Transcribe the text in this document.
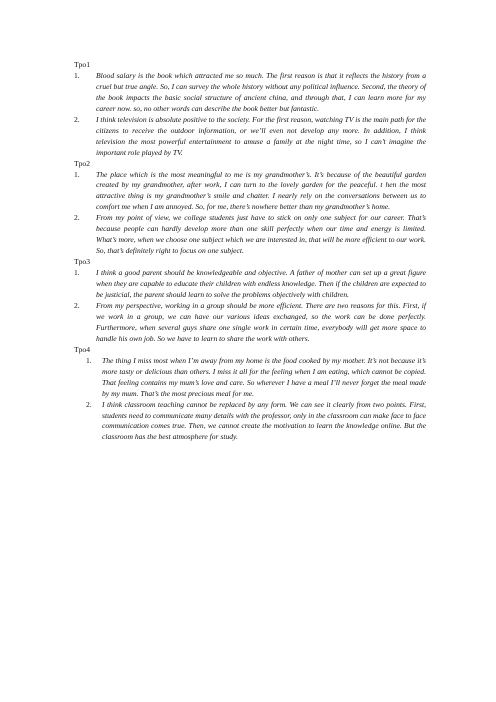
Tpo1
1. Blood salary is the book which attracted me so much. The first reason is that it reflects the history from a cruel but true angle. So, I can survey the whole history without any political influence. Second, the theory of the book impacts the basic social structure of ancient china, and through that, I can learn more for my career now. so, no other words can describe the book better but fantastic.
2. I think television is absolute positive to the society. For the first reason, watching TV is the main path for the citizens to receive the outdoor information, or we’ll even not develop any more. In addition, I think television the most powerful entertainment to amuse a family at the night time, so I can’t imagine the important role played by TV.
Tpo2
1. The place which is the most meaningful to me is my grandmother’s. It’s because of the beautiful garden created by my grandmother, after work, I can turn to the lovely garden for the peaceful. t hen the most attractive thing is my grandmother’s smile and chatter. I nearly rely on the conversations between us to comfort me when I am annoyed. So, for me, there’s nowhere better than my grandmother’s home.
2. From my point of view, we college students just have to stick on only one subject for our career. That’s because people can hardly develop more than one skill perfectly when our time and energy is limited. What’s more, when we choose one subject which we are interested in, that will be more efficient to our work. So, that’s definitely right to focus on one subject.
Tpo3
1. I think a good parent should be knowledgeable and objective. A father of mother can set up a great figure when they are capable to educate their children with endless knowledge. Then if the children are expected to be justicial, the parent should learn to solve the problems objectively with children.
2. From my perspective, working in a group should be more efficient. There are two reasons for this. First, if we work in a group, we can have our various ideas exchanged, so the work can be done perfectly. Furthermore, when several guys share one single work in certain time, everybody will get more space to handle his own job. So we have to learn to share the work with others.
Tpo4
1. The thing I miss most when I’m away from my home is the food cooked by my mother. It’s not because it’s more tasty or delicious than others. I miss it all for the feeling when I am eating, which cannot be copied. That feeling contains my mum’s love and care. So wherever I have a meal I’ll never forget the meal made by my mum. That’s the most precious meal for me.
2. I think classroom teaching cannot be replaced by any form. We can see it clearly from two points. First, students need to communicate many details with the professor, only in the classroom can make face to face communication comes true. Then, we cannot create the motivation to learn the knowledge online. But the classroom has the best atmosphere for study.
